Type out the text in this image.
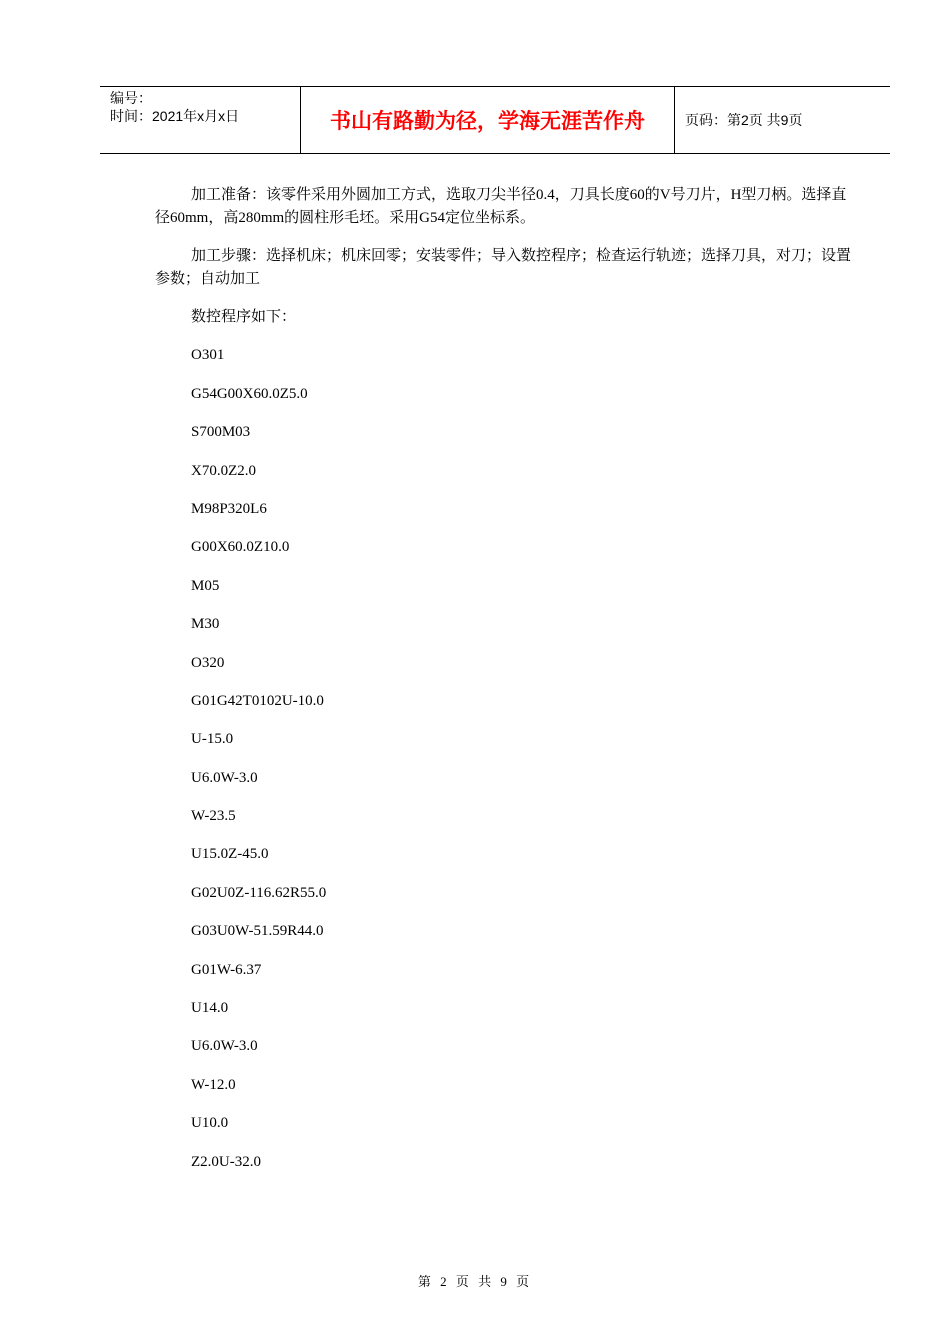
编号：
时间：2021年x月x日	书山有路勤为径，学海无涯苦作舟	页码：第2页 共9页

加工准备：该零件采用外圆加工方式，选取刀尖半径0.4，刀具长度60的V号刀片，H型刀柄。选择直径60mm，高280mm的圆柱形毛坯。采用G54定位坐标系。

加工步骤：选择机床；机床回零；安装零件；导入数控程序；检查运行轨迹；选择刀具，对刀；设置参数；自动加工

数控程序如下：

O301

G54G00X60.0Z5.0

S700M03

X70.0Z2.0

M98P320L6

G00X60.0Z10.0

M05

M30

O320

G01G42T0102U-10.0

U-15.0

U6.0W-3.0

W-23.5

U15.0Z-45.0

G02U0Z-116.62R55.0

G03U0W-51.59R44.0

G01W-6.37

U14.0

U6.0W-3.0

W-12.0

U10.0

Z2.0U-32.0

第 2 页 共 9 页
